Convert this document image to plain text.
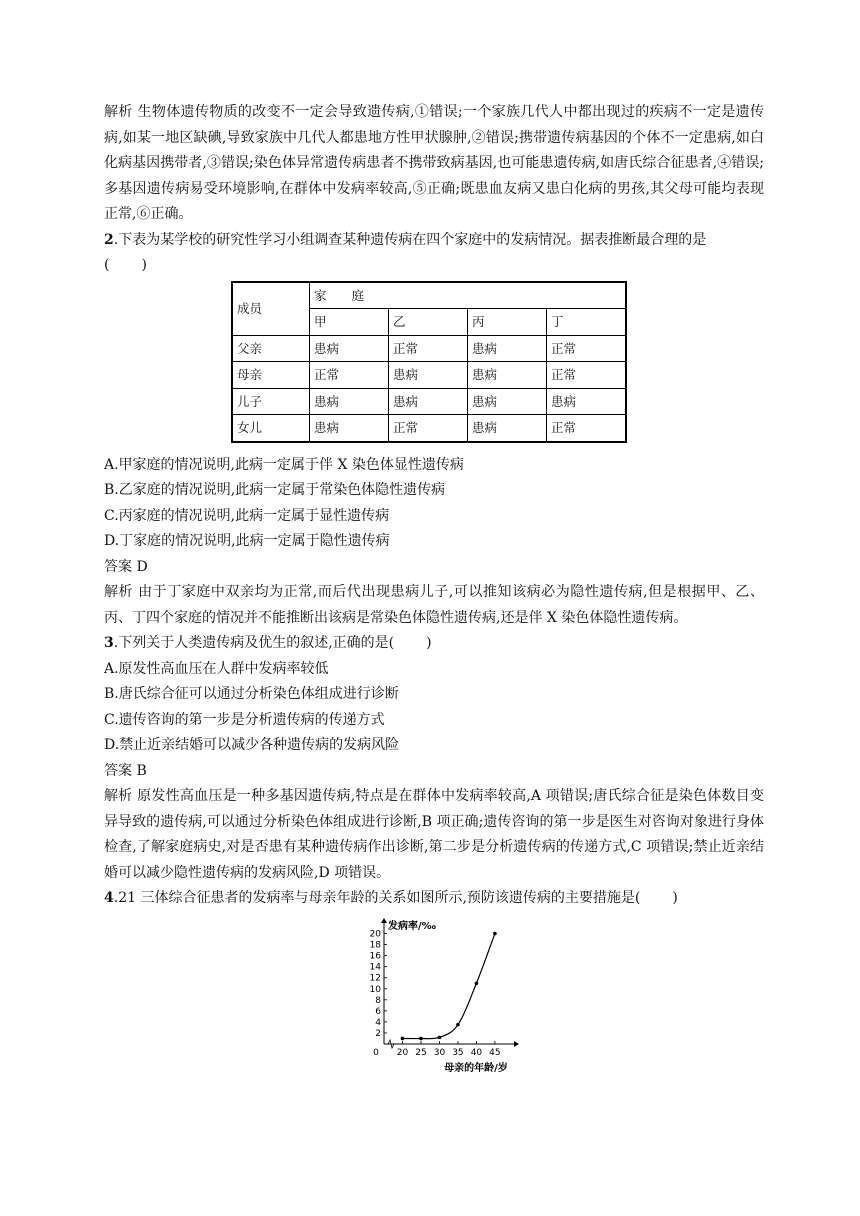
解析 生物体遗传物质的改变不一定会导致遗传病,①错误;一个家族几代人中都出现过的疾病不一定是遗传病,如某一地区缺碘,导致家族中几代人都患地方性甲状腺肿,②错误;携带遗传病基因的个体不一定患病,如白化病基因携带者,③错误;染色体异常遗传病患者不携带致病基因,也可能患遗传病,如唐氏综合征患者,④错误;多基因遗传病易受环境影响,在群体中发病率较高,⑤正确;既患血友病又患白化病的男孩,其父母可能均表现正常,⑥正确。

2.下表为某学校的研究性学习小组调查某种遗传病在四个家庭中的发病情况。据表推断最合理的是

( )

成员	家　　庭			
	甲	乙	丙	丁
父亲	患病	正常	患病	正常
母亲	正常	患病	患病	正常
儿子	患病	患病	患病	患病
女儿	患病	正常	患病	正常

A.甲家庭的情况说明,此病一定属于伴 X 染色体显性遗传病

B.乙家庭的情况说明,此病一定属于常染色体隐性遗传病

C.丙家庭的情况说明,此病一定属于显性遗传病

D.丁家庭的情况说明,此病一定属于隐性遗传病

答案 D

解析 由于丁家庭中双亲均为正常,而后代出现患病儿子,可以推知该病必为隐性遗传病,但是根据甲、乙、丙、丁四个家庭的情况并不能推断出该病是常染色体隐性遗传病,还是伴 X 染色体隐性遗传病。

3.下列关于人类遗传病及优生的叙述,正确的是( )

A.原发性高血压在人群中发病率较低

B.唐氏综合征可以通过分析染色体组成进行诊断

C.遗传咨询的第一步是分析遗传病的传递方式

D.禁止近亲结婚可以减少各种遗传病的发病风险

答案 B

解析 原发性高血压是一种多基因遗传病,特点是在群体中发病率较高,A 项错误;唐氏综合征是染色体数目变异导致的遗传病,可以通过分析染色体组成进行诊断,B 项正确;遗传咨询的第一步是医生对咨询对象进行身体检查,了解家庭病史,对是否患有某种遗传病作出诊断,第二步是分析遗传病的传递方式,C 项错误;禁止近亲结婚可以减少隐性遗传病的发病风险,D 项错误。

4.21 三体综合征患者的发病率与母亲年龄的关系如图所示,预防该遗传病的主要措施是( )

2
4
6
8
10
12
14
16
18
20
20 25 30 35 40 45
0
发病率/‰
母亲的年龄/岁
